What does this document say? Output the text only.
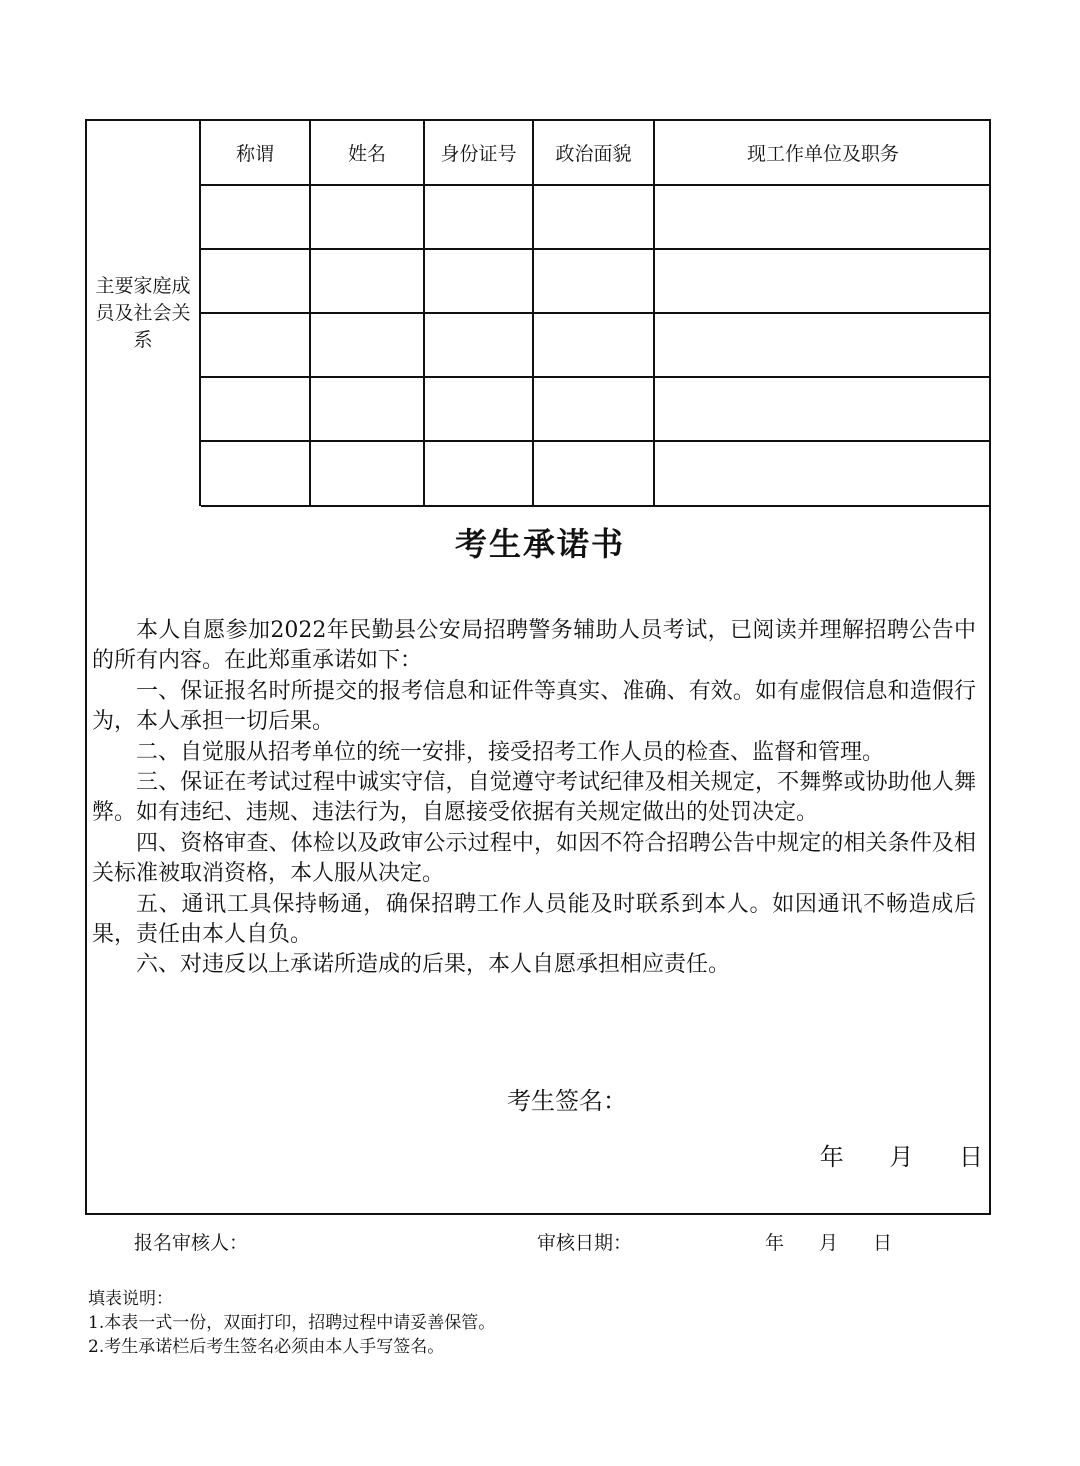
主要家庭成员及社会关系
称谓	姓名	身份证号	政治面貌	现工作单位及职务

考生承诺书

本人自愿参加2022年民勤县公安局招聘警务辅助人员考试，已阅读并理解招聘公告中的所有内容。在此郑重承诺如下：

一、保证报名时所提交的报考信息和证件等真实、准确、有效。如有虚假信息和造假行为，本人承担一切后果。

二、自觉服从招考单位的统一安排，接受招考工作人员的检查、监督和管理。

三、保证在考试过程中诚实守信，自觉遵守考试纪律及相关规定，不舞弊或协助他人舞弊。如有违纪、违规、违法行为，自愿接受依据有关规定做出的处罚决定。

四、资格审查、体检以及政审公示过程中，如因不符合招聘公告中规定的相关条件及相关标准被取消资格，本人服从决定。

五、通讯工具保持畅通，确保招聘工作人员能及时联系到本人。如因通讯不畅造成后果，责任由本人自负。

六、对违反以上承诺所造成的后果，本人自愿承担相应责任。

考生签名：
年 月 日
报名审核人：	审核日期：	年 月 日
填表说明：
1.本表一式一份，双面打印，招聘过程中请妥善保管。
2.考生承诺栏后考生签名必须由本人手写签名。
